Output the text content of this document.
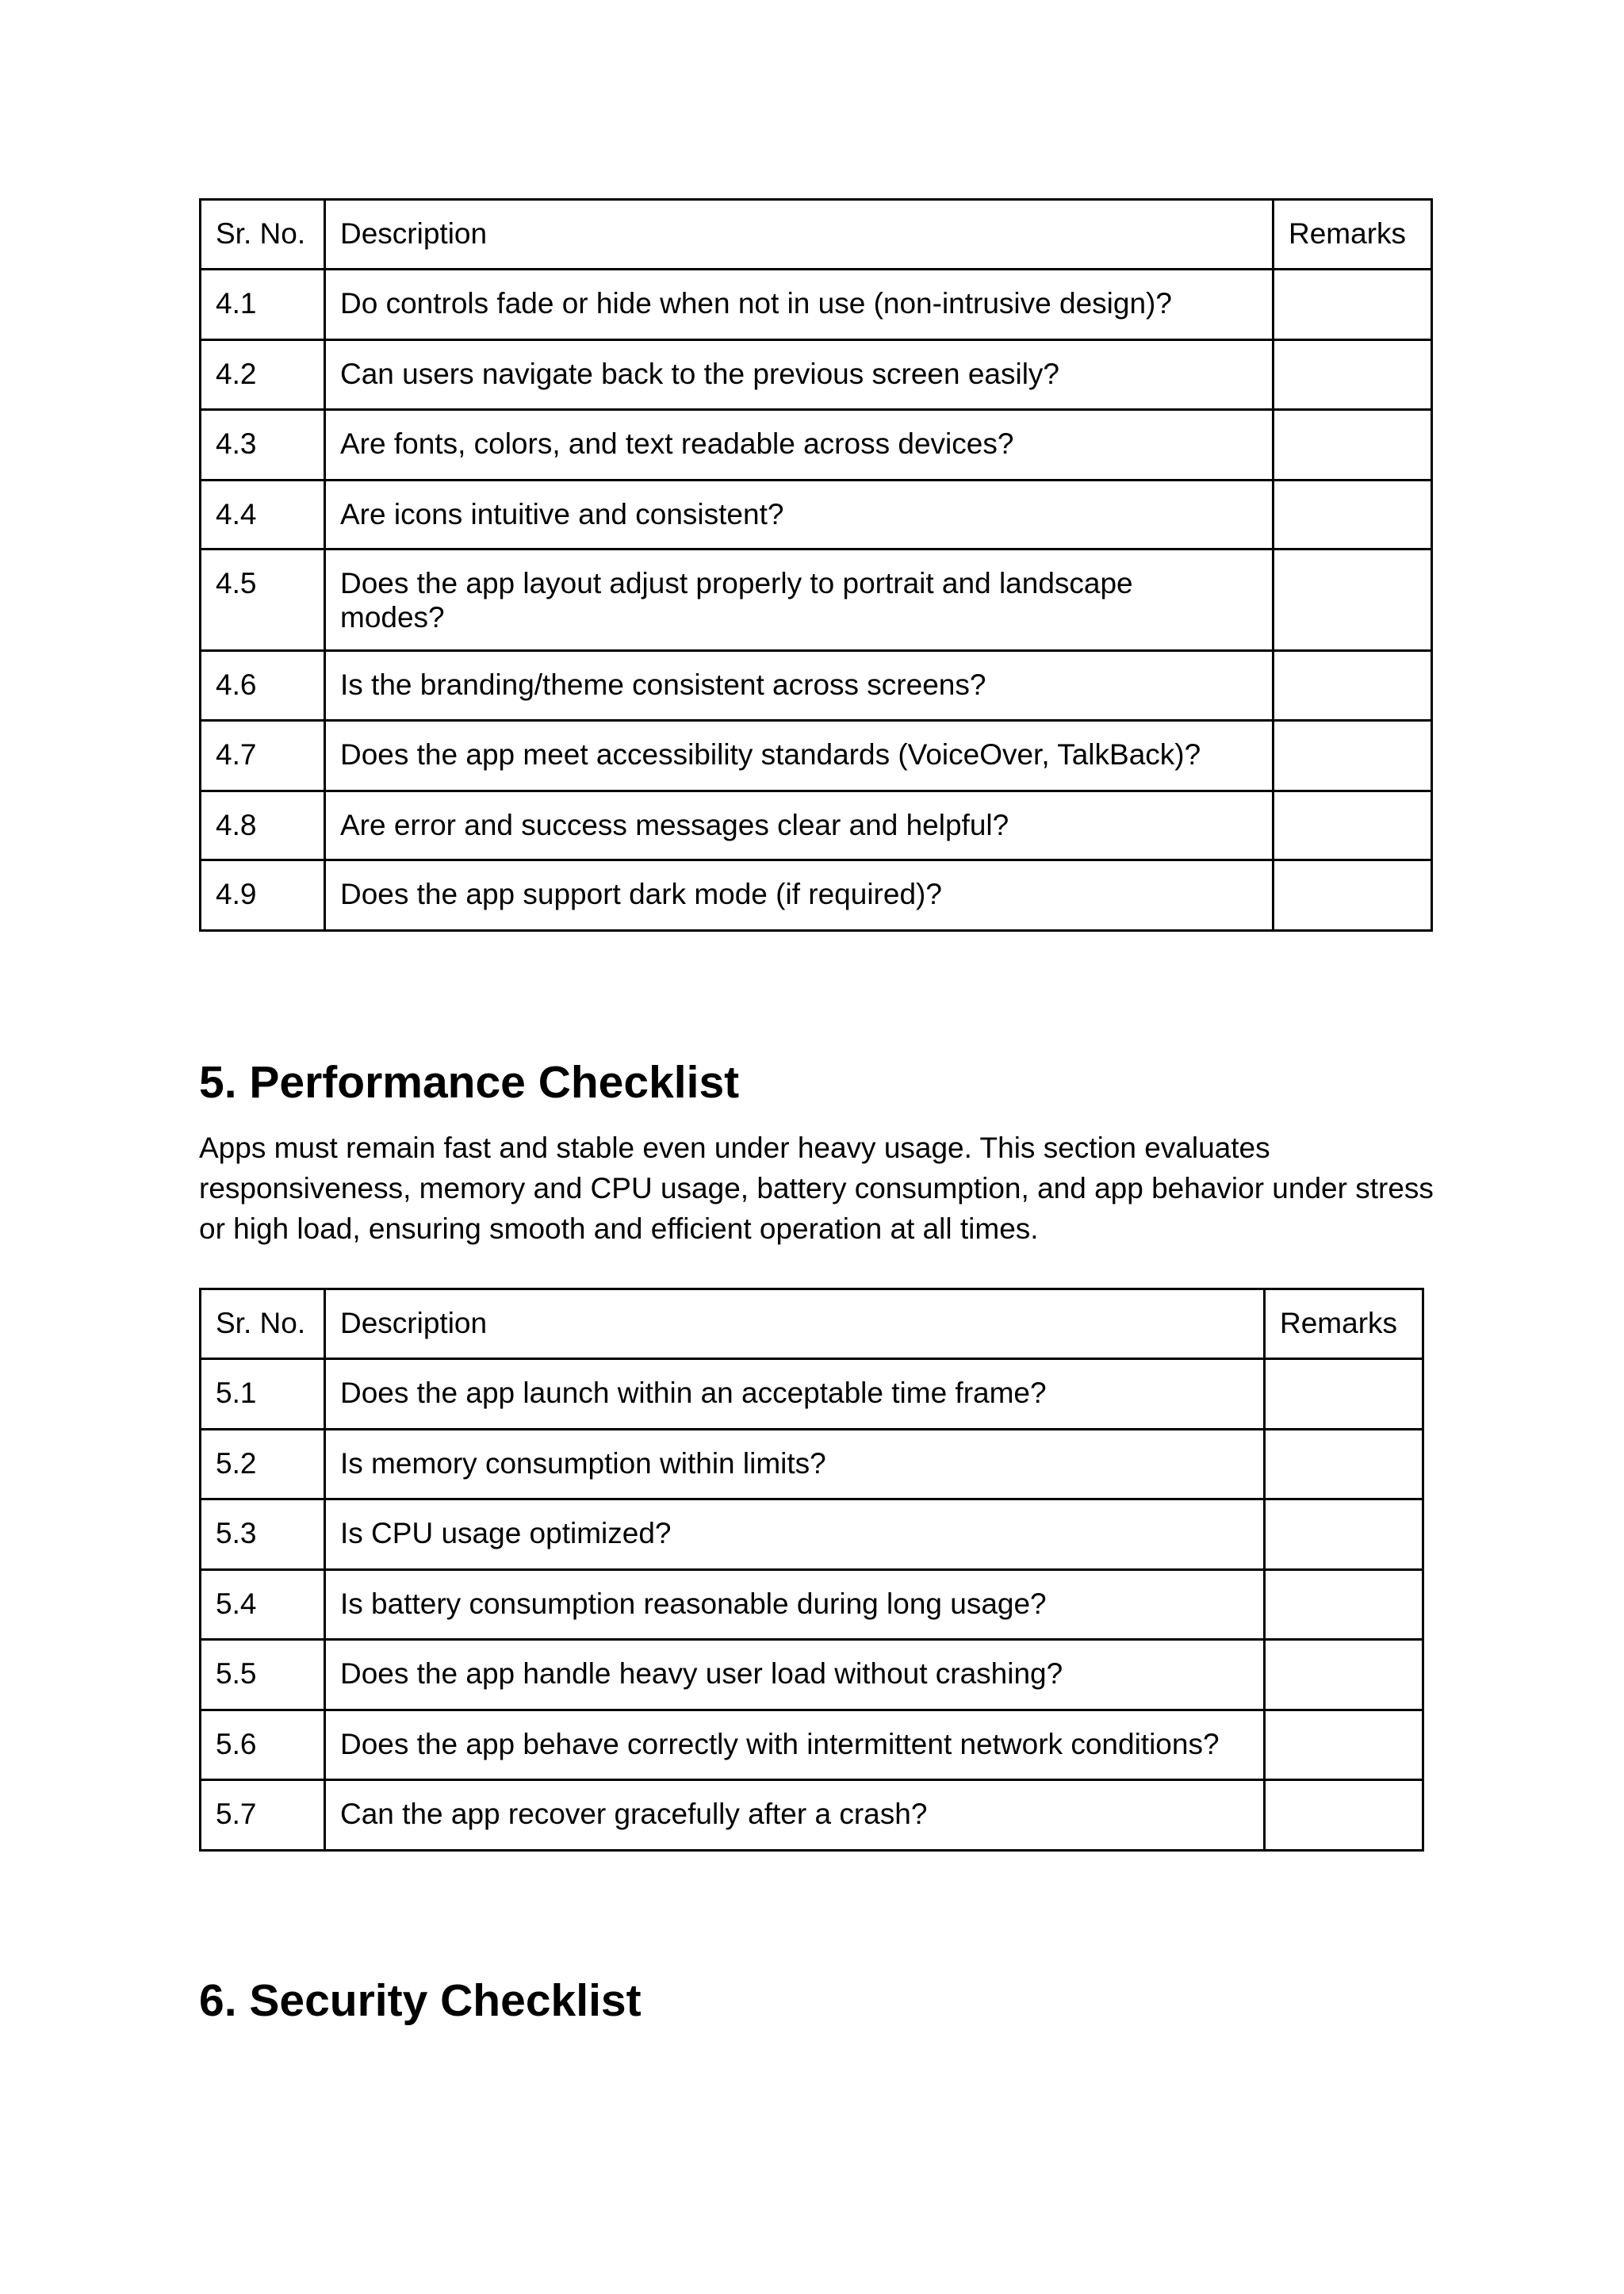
Sr. No.	Description	Remarks

4.1	Do controls fade or hide when not in use (non-intrusive design)?	

4.2	Can users navigate back to the previous screen easily?	

4.3	Are fonts, colors, and text readable across devices?	

4.4	Are icons intuitive and consistent?	

4.5	Does the app layout adjust properly to portrait and landscape modes?	

4.6	Is the branding/theme consistent across screens?	

4.7	Does the app meet accessibility standards (VoiceOver, TalkBack)?	

4.8	Are error and success messages clear and helpful?	

4.9	Does the app support dark mode (if required)?	

5. Performance Checklist

Apps must remain fast and stable even under heavy usage. This section evaluates responsiveness, memory and CPU usage, battery consumption, and app behavior under stress or high load, ensuring smooth and efficient operation at all times.

Sr. No.	Description	Remarks

5.1	Does the app launch within an acceptable time frame?	

5.2	Is memory consumption within limits?	

5.3	Is CPU usage optimized?	

5.4	Is battery consumption reasonable during long usage?	

5.5	Does the app handle heavy user load without crashing?	

5.6	Does the app behave correctly with intermittent network conditions?	

5.7	Can the app recover gracefully after a crash?	

6. Security Checklist
